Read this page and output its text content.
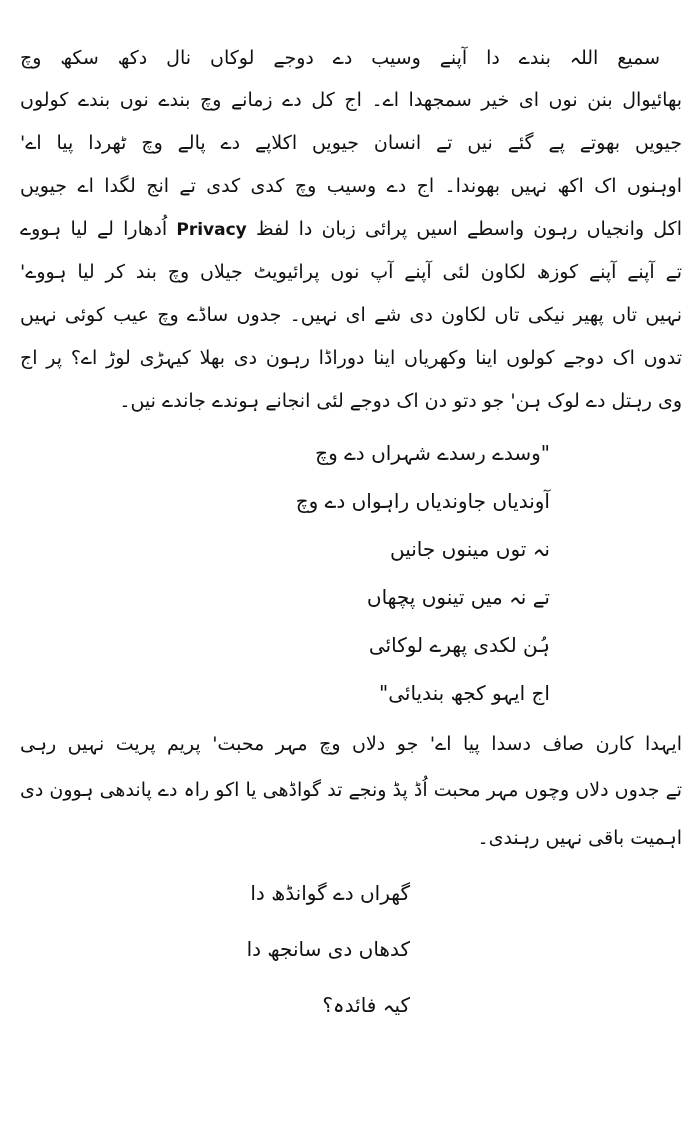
سمیع اللہ بندے دا آپنے وسیب دے دوجے لوکاں نال دکھ سکھ وچ
بھائیوال بنن نوں ای خیر سمجھدا اے۔ اج کل دے زمانے وچ بندے نوں بندے کولوں
جیویں بھوتے پے گئے نیں تے انسان جیویں اکلاپے دے پالے وچ ٹھردا پیا اے'
اوہنوں اک اکھ نہیں بھوندا۔ اج دے وسیب وچ کدی کدی تے انج لگدا اے جیویں
اکل وانجیاں رہون واسطے اسیں پرائی زبان دا لفظ Privacy اُدھارا لے لیا ہووے
تے آپنے آپنے کوزھ لکاون لئی آپنے آپ نوں پرائیویٹ جیلاں وچ بند کر لیا ہووے'
نہیں تاں پھیر نیکی تاں لکاون دی شے ای نہیں۔ جدوں ساڈے وچ عیب کوئی نہیں
تدوں اک دوجے کولوں اینا وکھریاں اینا دوراڈا رہون دی بھلا کیہڑی لوڑ اے؟ پر اج
وی رہتل دے لوک ہن' جو دتو دن اک دوجے لئی انجانے ہوندے جاندے نیں۔
"وسدے رسدے شہراں دے وچ
آوندیاں جاوندیاں راہواں دے وچ
نہ توں مینوں جانیں
تے نہ میں تینوں پچھاں
ہُن لکدی پھرے لوکائی
اج ایہو کجھ بندیائی"
ایہدا کارن صاف دسدا پیا اے' جو دلاں وچ مہر محبت' پریم پریت نہیں رہی
تے جدوں دلاں وچوں مہر محبت اُڈ پڈ ونجے تد گواڈھی یا اکو راہ دے پاندھی ہوون دی
اہمیت باقی نہیں رہندی۔
گھراں دے گوانڈھ دا
کدھاں دی سانجھ دا
کیہ فائدہ؟
